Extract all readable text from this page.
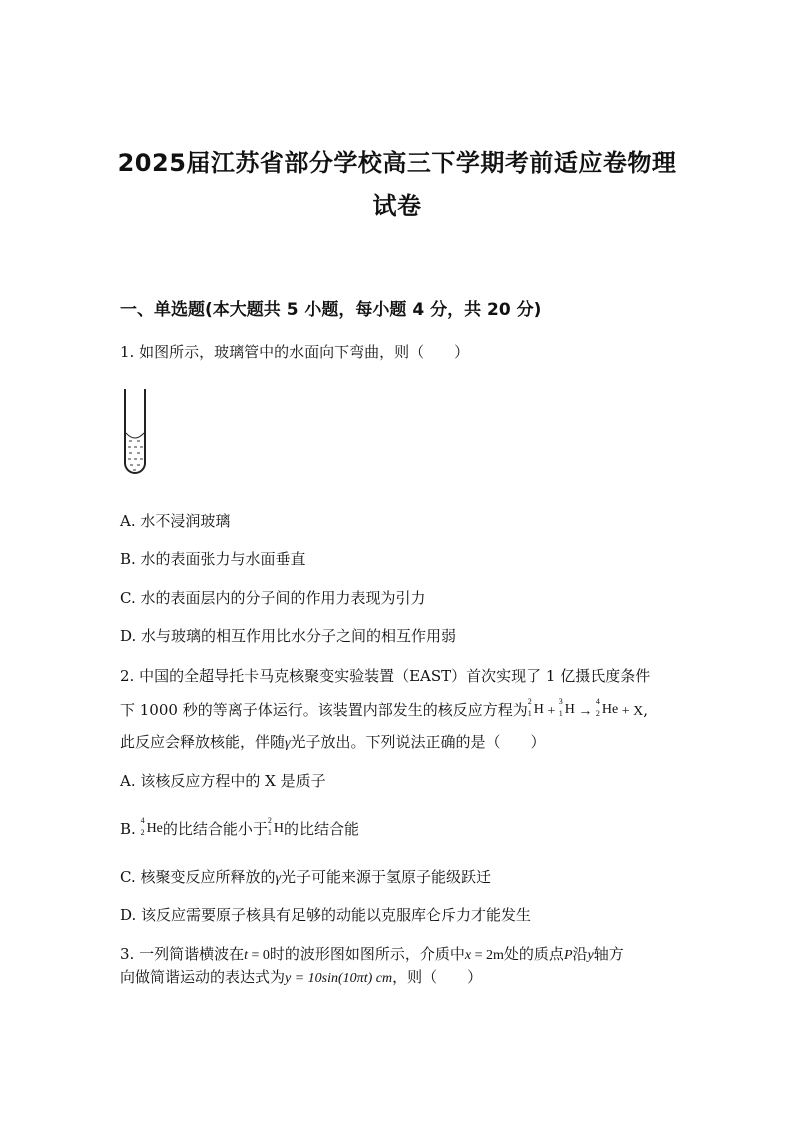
2025届江苏省部分学校高三下学期考前适应卷物理
试卷
一、单选题(本大题共 5 小题，每小题 4 分，共 20 分)
1. 如图所示，玻璃管中的水面向下弯曲，则（　　）
A. 水不浸润玻璃
B. 水的表面张力与水面垂直
C. 水的表面层内的分子间的作用力表现为引力
D. 水与玻璃的相互作用比水分子之间的相互作用弱
2. 中国的全超导托卡马克核聚变实验装置（EAST）首次实现了 1 亿摄氏度条件
下 1000 秒的等离子体运行。该装置内部发生的核反应方程为 2
1 H +
3
1 H →
4
2 He + X,
此反应会释放核能，伴随γ光子放出。下列说法正确的是（　　）
A. 该核反应方程中的 X 是质子
B. 4
2 He的比结合能小于 2
1 H的比结合能
C. 核聚变反应所释放的γ光子可能来源于氢原子能级跃迁
D. 该反应需要原子核具有足够的动能以克服库仑斥力才能发生
3. 一列简谐横波在t = 0时的波形图如图所示，介质中x = 2m处的质点P沿y轴方
向做简谐运动的表达式为y = 10sin(10πt) cm，则（　　）
